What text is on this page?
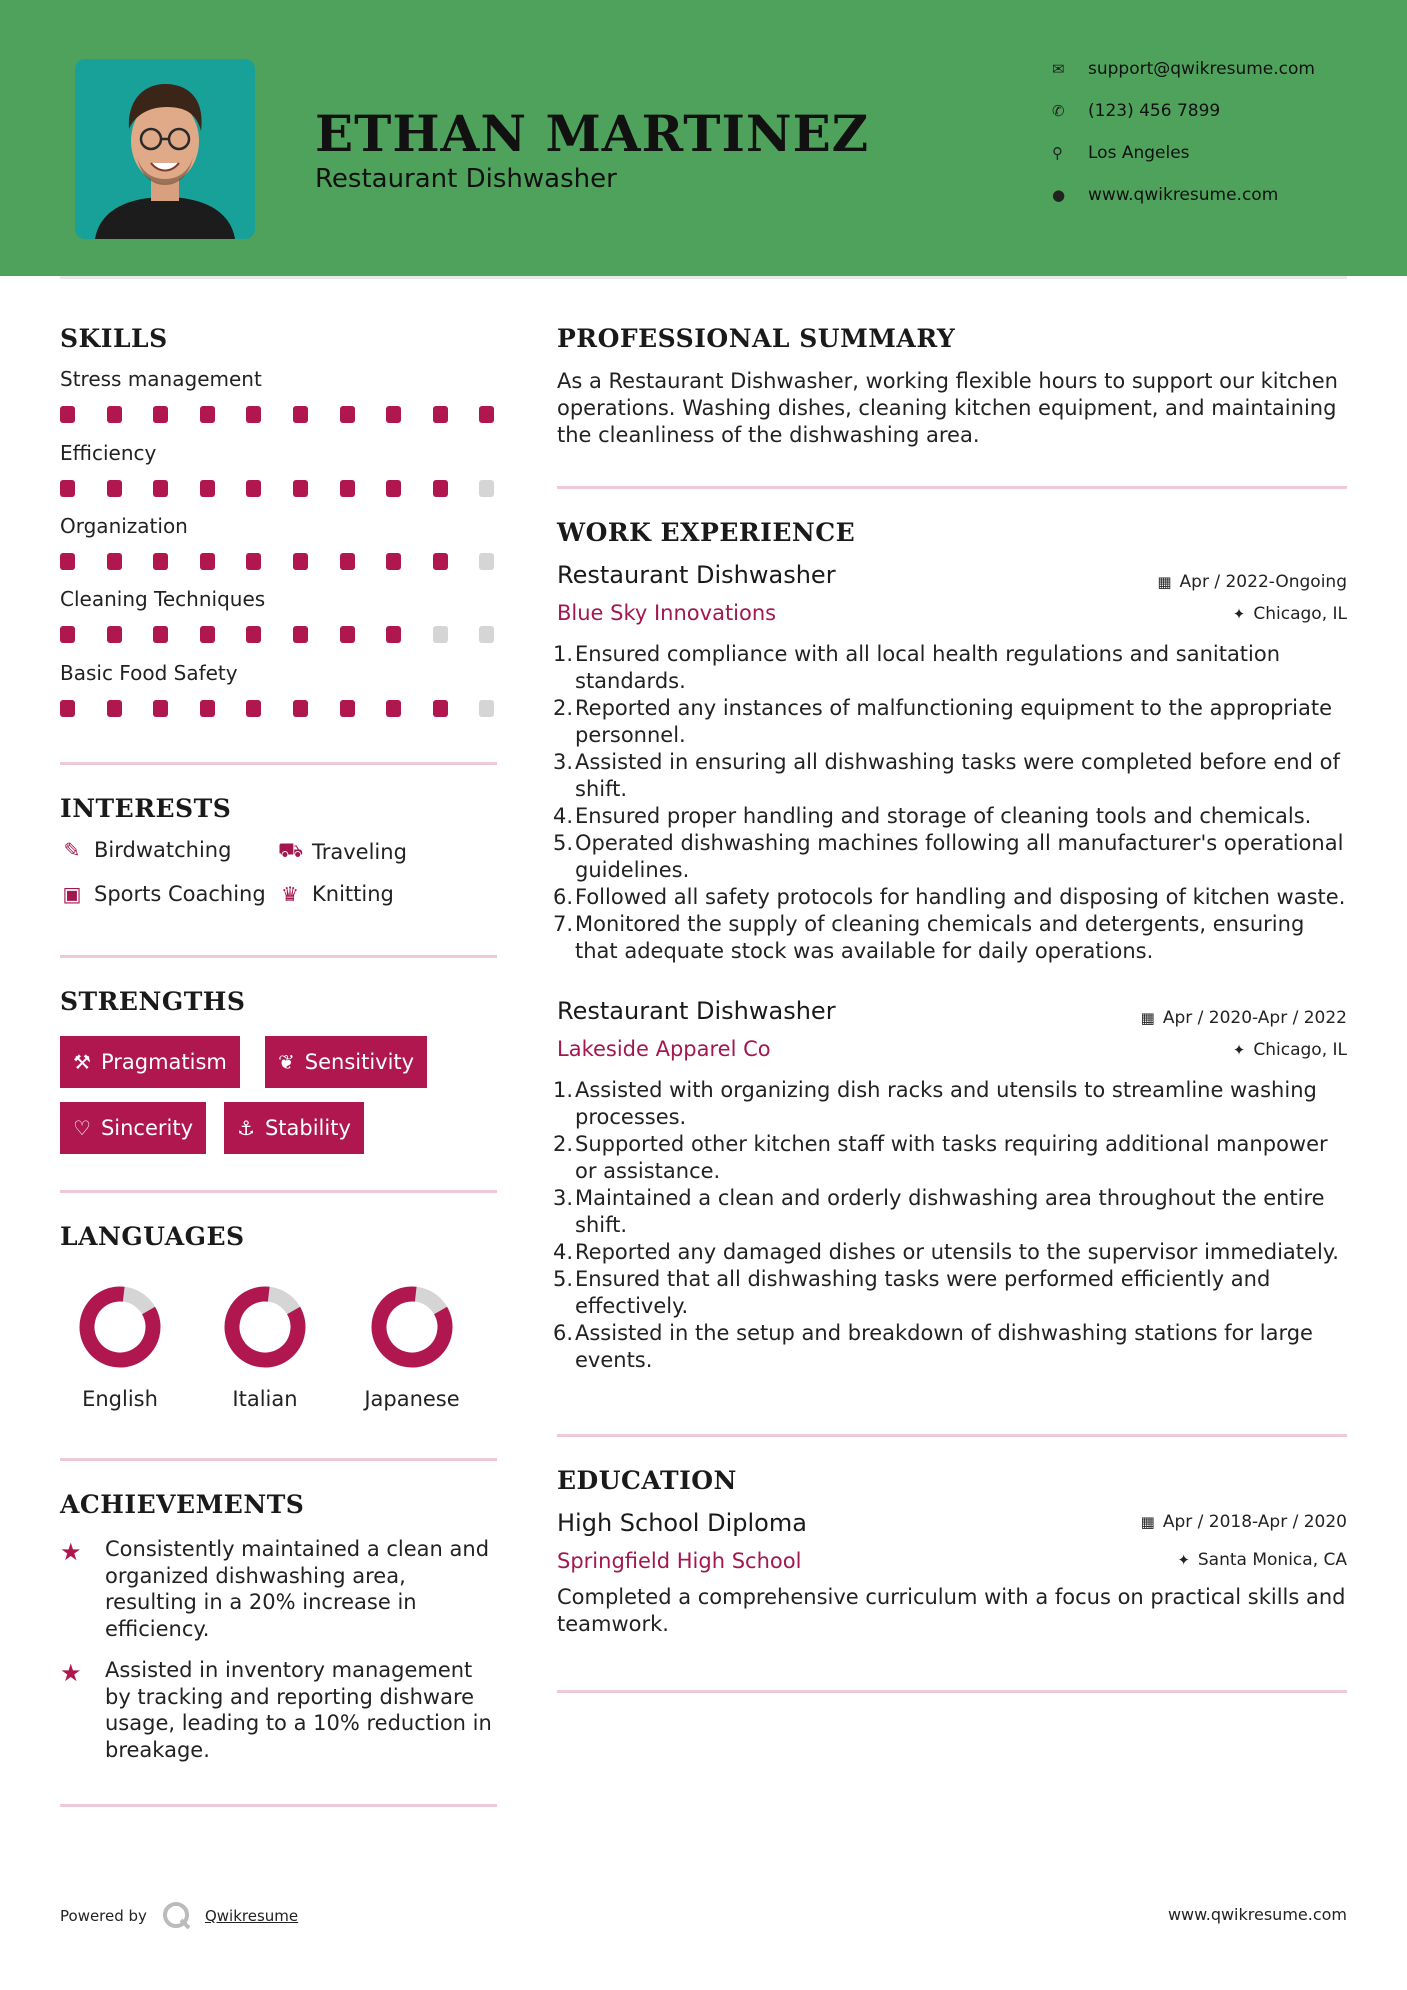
ETHAN MARTINEZ
Restaurant Dishwasher
✉	support@qwikresume.com
✆	(123) 456 7899
⚲	Los Angeles
●	www.qwikresume.com
SKILLS
Stress management
Efficiency
Organization
Cleaning Techniques
Basic Food Safety
INTERESTS
✎ Birdwatching ⛟ Traveling
▣ Sports Coaching ♛ Knitting
STRENGTHS
⚒ Pragmatism	❦ Sensitivity
♡ Sincerity ⚓ Stability
LANGUAGES
English	Italian	Japanese
ACHIEVEMENTS
★	Consistently maintained a clean and organized dishwashing area, resulting in a 20% increase in efficiency.
★	Assisted in inventory management by tracking and reporting dishware usage, leading to a 10% reduction in breakage.
PROFESSIONAL SUMMARY
As a Restaurant Dishwasher, working flexible hours to support our kitchen operations. Washing dishes, cleaning kitchen equipment, and maintaining the cleanliness of the dishwashing area.
WORK EXPERIENCE
Restaurant Dishwasher	▦ Apr / 2022-Ongoing
Blue Sky Innovations	✦ Chicago, IL
1. Ensured compliance with all local health regulations and sanitation standards.
2. Reported any instances of malfunctioning equipment to the appropriate personnel.
3. Assisted in ensuring all dishwashing tasks were completed before end of shift.
4. Ensured proper handling and storage of cleaning tools and chemicals.
5. Operated dishwashing machines following all manufacturer's operational guidelines.
6. Followed all safety protocols for handling and disposing of kitchen waste.
7. Monitored the supply of cleaning chemicals and detergents, ensuring that adequate stock was available for daily operations.
Restaurant Dishwasher	▦ Apr / 2020-Apr / 2022
Lakeside Apparel Co	✦ Chicago, IL
1. Assisted with organizing dish racks and utensils to streamline washing processes.
2. Supported other kitchen staff with tasks requiring additional manpower or assistance.
3. Maintained a clean and orderly dishwashing area throughout the entire shift.
4. Reported any damaged dishes or utensils to the supervisor immediately.
5. Ensured that all dishwashing tasks were performed efficiently and effectively.
6. Assisted in the setup and breakdown of dishwashing stations for large events.
EDUCATION
High School Diploma	▦ Apr / 2018-Apr / 2020
Springfield High School	✦ Santa Monica, CA
Completed a comprehensive curriculum with a focus on practical skills and teamwork.
Powered by	Qwikresume	www.qwikresume.com
